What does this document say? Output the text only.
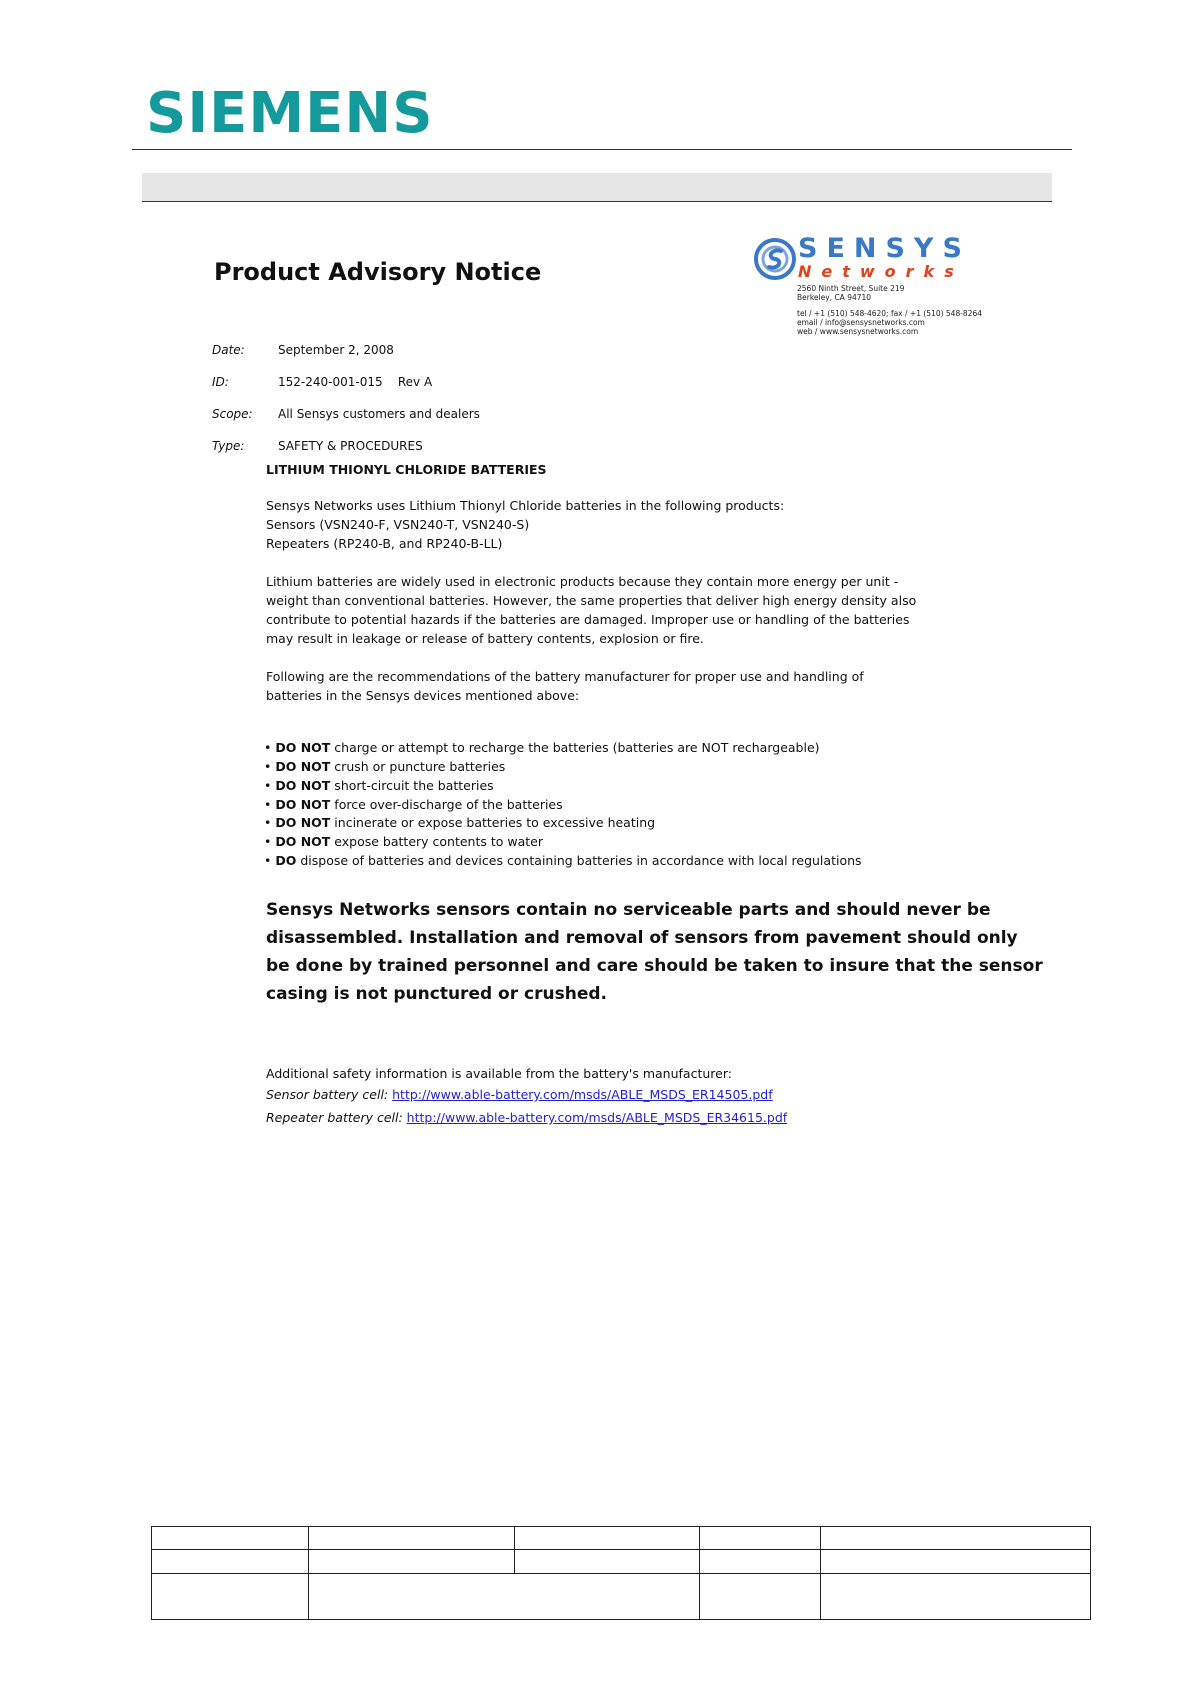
SIEMENS
Product Advisory Notice
Date:	September 2, 2008
ID:	152-240-001-015    Rev A
Scope: All Sensys customers and dealers
Type:	SAFETY & PROCEDURES
SENSYS
Networks
2560 Ninth Street, Suite 219
Berkeley, CA 94710
tel / +1 (510) 548-4620; fax / +1 (510) 548-8264
email / info@sensysnetworks.com
web / www.sensysnetworks.com
LITHIUM THIONYL CHLORIDE BATTERIES
Sensys Networks uses Lithium Thionyl Chloride batteries in the following products:
Sensors (VSN240-F, VSN240-T, VSN240-S)
Repeaters (RP240-B, and RP240-B-LL)
Lithium batteries are widely used in electronic products because they contain more energy per unit -
weight than conventional batteries. However, the same properties that deliver high energy density also
contribute to potential hazards if the batteries are damaged. Improper use or handling of the batteries
may result in leakage or release of battery contents, explosion or fire.
Following are the recommendations of the battery manufacturer for proper use and handling of
batteries in the Sensys devices mentioned above:
• DO NOT charge or attempt to recharge the batteries (batteries are NOT rechargeable)
• DO NOT crush or puncture batteries
• DO NOT short-circuit the batteries
• DO NOT force over-discharge of the batteries
• DO NOT incinerate or expose batteries to excessive heating
• DO NOT expose battery contents to water
• DO dispose of batteries and devices containing batteries in accordance with local regulations
Sensys Networks sensors contain no serviceable parts and should never be
disassembled. Installation and removal of sensors from pavement should only
be done by trained personnel and care should be taken to insure that the sensor
casing is not punctured or crushed.
Additional safety information is available from the battery's manufacturer:
Sensor battery cell: http://www.able-battery.com/msds/ABLE_MSDS_ER14505.pdf
Repeater battery cell: http://www.able-battery.com/msds/ABLE_MSDS_ER34615.pdf
